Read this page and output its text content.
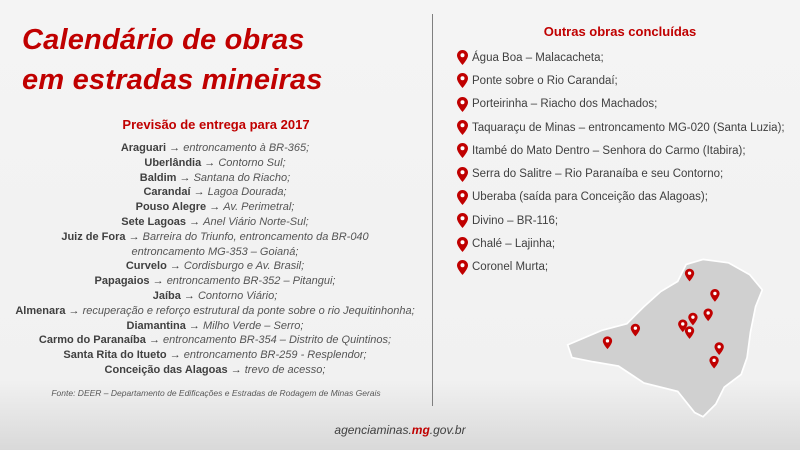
Calendário de obras
em estradas mineiras
Previsão de entrega para 2017
Araguari → entroncamento à BR-365;
Uberlândia → Contorno Sul;
Baldim → Santana do Riacho;
Carandaí → Lagoa Dourada;
Pouso Alegre → Av. Perimetral;
Sete Lagoas → Anel Viário Norte-Sul;
Juiz de Fora → Barreira do Triunfo, entroncamento da BR-040
entroncamento MG-353 – Goianá;
Curvelo → Cordisburgo e Av. Brasil;
Papagaios → entroncamento BR-352 – Pitangui;
Jaíba → Contorno Viário;
Almenara → recuperação e reforço estrutural da ponte sobre o rio Jequitinhonha;
Diamantina → Milho Verde – Serro;
Carmo do Paranaíba → entroncamento BR-354 – Distrito de Quintinos;
Santa Rita do Itueto → entroncamento BR-259 - Resplendor;
Conceição das Alagoas → trevo de acesso;
Fonte: DEER – Departamento de Edificações e Estradas de Rodagem de Minas Gerais
Outras obras concluídas
Água Boa – Malacacheta;
Ponte sobre o Rio Carandaí;
Porteirinha – Riacho dos Machados;
Taquaraçu de Minas – entroncamento MG-020 (Santa Luzia);
Itambé do Mato Dentro – Senhora do Carmo (Itabira);
Serra do Salitre – Rio Paranaíba e seu Contorno;
Uberaba (saída para Conceição das Alagoas);
Divino – BR-116;
Chalé – Lajinha;
Coronel Murta;
agenciaminas.mg.gov.br
